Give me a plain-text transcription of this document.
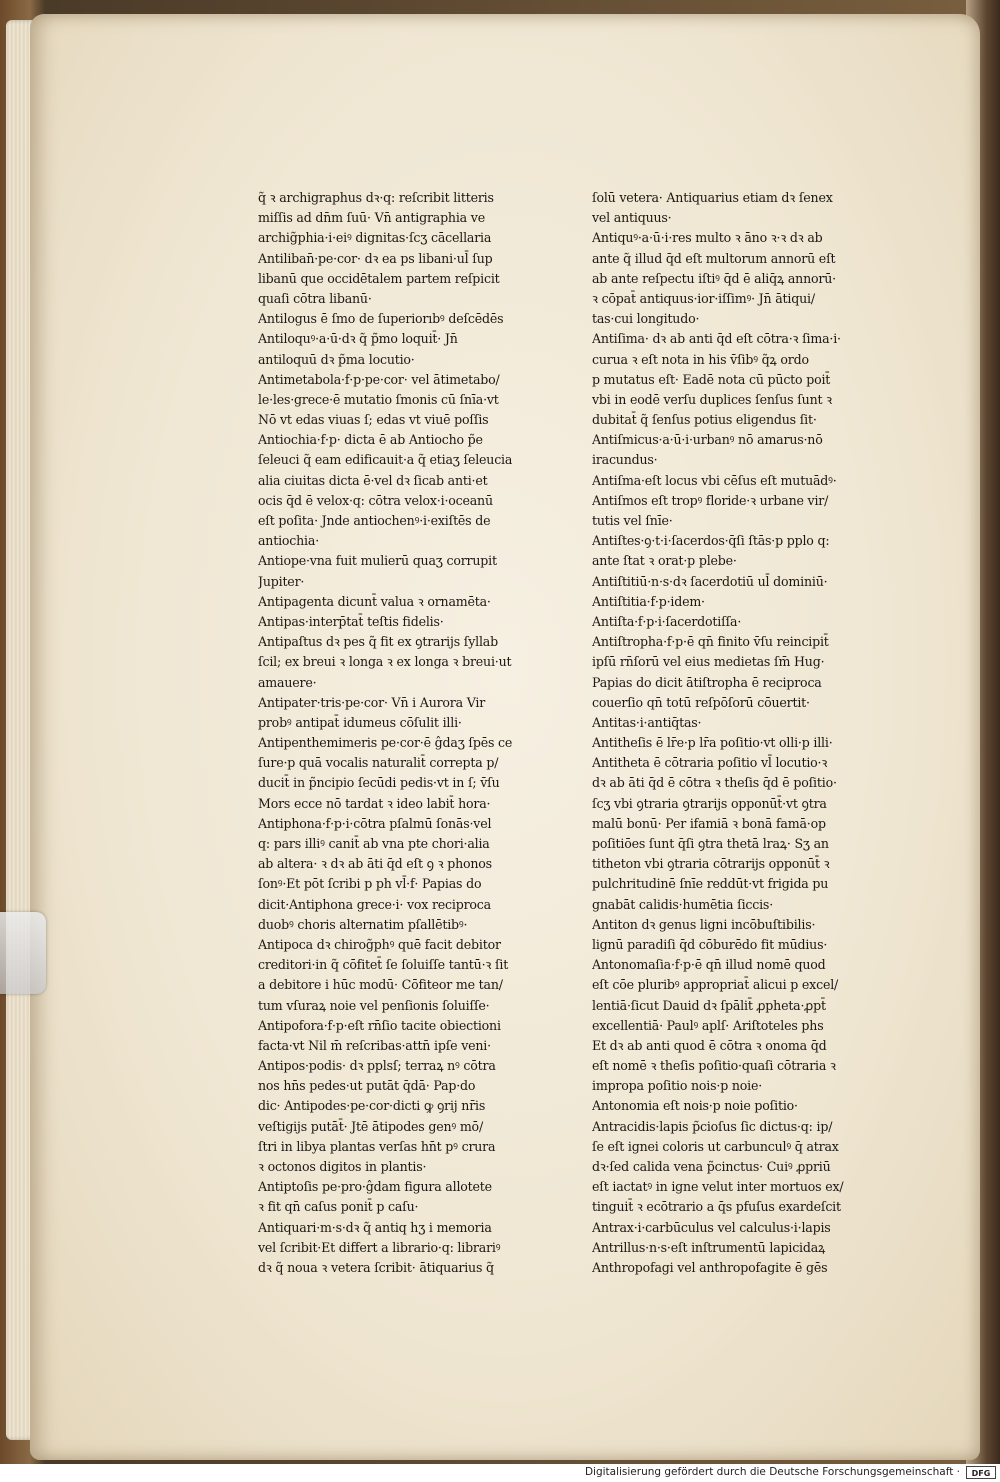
q̃ ꝛ archigraphus dꝛ·q: reſcribit litteris
miſſis ad dn̄m ſuū· Vn̄ antigraphia ve
archig̃phia·i·eiꝰ dignitas·ſcʒ cācellaria
Antiliban̄·pe·cor· dꝛ ea ps libani·ul̄ ſup
libanū que occidētalem partem reſpicit
quaſi cōtra libanū·
Antilogus ē ſmo de ſuperiorıbꝰ deſcēdēs
Antiloquꝰ·a·ū·dꝛ q̃ p̃mo loquit̄· Jn̄
antiloquū dꝛ p̃ma locutio·
Antimetabola·f·p·pe·cor· vel ātimetabo/
le·les·grece·ē mutatio ſmonis cū ſnīa·vt
Nō vt edas viuas ſ; edas vt viuē poſſis
Antiochia·f·p· dicta ē ab Antiocho p̃e
ſeleuci q̃ eam edificauit·a q̃ etiaʒ ſeleucia
alia ciuitas dicta ē·vel dꝛ ſicab anti·et
ocis q̄d ē velox·q: cōtra velox·i·oceanū
eſt poſita· Jnde antiochenꝰ·i·exiſtēs de
antiochia·
Antiope·vna fuit mulierū quaʒ corrupit
Jupiter·
Antipagenta dicunt̄ valua ꝛ ornamēta·
Antipas·interp̄tat̄ teſtis fidelis·
Antipaſtus dꝛ pes q̃ fit ex ꝯtrarijs ſyllab
ſcil; ex breui ꝛ longa ꝛ ex longa ꝛ breui·ut
amauere·
Antipater·tris·pe·cor· Vn̄ i Aurora Vir
probꝰ antipat̄ idumeus cōſulit illi·
Antipenthemimeris pe·cor·ē ĝdaʒ ſpēs ce
ſure·p quā vocalis naturalit̄ correpta p/
ducit̄ in p̃ncipio ſecūdi pedis·vt in ſ; v̄ſu
Mors ecce nō tardat ꝛ ideo labit̄ hora·
Antiphona·f·p·i·cōtra pſalmū ſonās·vel
q: pars illiꝰ canit̄ ab vna pte chori·alia
ab altera· ꝛ dꝛ ab āti q̄d eſt ꝯ ꝛ phonos
ſonꝰ·Et pōt ſcribi p ph vl̄·f· Papias do
dicit·Antiphona grece·i· vox reciproca
duobꝰ choris alternatim pſallētibꝰ·
Antipoca dꝛ chirog̃phꝰ quē facit debitor
creditori·in q̃ cōfitet̄ ſe ſoluiſſe tantū·ꝛ ſit
a debitore i hūc modū· Cōfiteor me tan/
tum vſuraꝝ noie vel penſionis ſoluiſſe·
Antipofora·f·p·eſt rn̄ſio tacite obiectioni
facta·vt Nil m̄ reſcribas·attn̄ ipſe veni·
Antipos·podis· dꝛ pplsſ; terraꝝ nꝰ cōtra
nos hn̄s pedes·ut putāt q̄dā· Pap·do
dic· Antipodes·pe·cor·dicti ꝙ ꝯrij nr̄is
veſtigijs putāt̄· Jtē ātipodes genꝰ mō/
ſtri in libya plantas verſas hn̄t pꝰ crura
ꝛ octonos digitos in plantis·
Antiptoſis pe·pro·ĝdam figura allotete
ꝛ fit qn̄ caſus ponit̄ p caſu·
Antiquari·m·s·dꝛ q̃ antiq hʒ i memoria
vel ſcribit·Et differt a librario·q: librariꝰ
dꝛ q̃ noua ꝛ vetera ſcribit· ātiquarius q̃
ſolū vetera· Antiquarius etiam dꝛ ſenex
vel antiquus·
Antiquꝰ·a·ū·i·res multo ꝛ āno ꝛ·ꝛ dꝛ ab
ante q̃ illud q̄d eſt multorum annorū eſt
ab ante reſpectu iſtiꝰ q̄d ē aliq̄ꝝ annorū·
ꝛ cōpat̄ antiquus·ior·iſſimꝰ· Jn̄ ātiqui/
tas·cui longitudo·
Antiſima· dꝛ ab anti q̄d eſt cōtra·ꝛ ſima·i·
curua ꝛ eſt nota in his v̄ſibꝰ q̃ꝝ ordo
p mutatus eſt· Eadē nota cū pūcto poit̄
vbi in eodē verſu duplices ſenſus ſunt ꝛ
dubitat̄ q̃ ſenſus potius eligendus ſit·
Antiſmicus·a·ū·i·urbanꝰ nō amarus·nō
iracundus·
Antiſma·eſt locus vbi cēſus eſt mutuādꝰ·
Antiſmos eſt tropꝰ floride·ꝛ urbane vir/
tutis vel ſnīe·
Antiſtes·ꝯ·t·i·ſacerdos·q̄ſi ſtās·p pplo q:
ante ſtat ꝛ orat·p plebe·
Antiſtitiū·n·s·dꝛ ſacerdotiū ul̄ dominiū·
Antiſtitia·f·p·idem·
Antiſta·f·p·i·ſacerdotiſſa·
Antiſtropha·f·p·ē qn̄ finito v̄ſu reincipit̄
ipſū rn̄ſorū vel eius medietas ſm̄ Hug·
Papias do dicit ātiſtropha ē reciproca
couerſio qn̄ totū reſpōſorū cōuertit·
Antitas·i·antiq̄tas·
Antitheſis ē lr̄e·p lr̄a poſitio·vt olli·p illi·
Antitheta ē cōtraria poſitio vl̄ locutio·ꝛ
dꝛ ab āti q̄d ē cōtra ꝛ theſis q̄d ē poſitio·
ſcʒ vbi ꝯtraria ꝯtrarijs opponūt̄·vt ꝯtra
malū bonū· Per ifamiā ꝛ bonā famā·op
poſitiōes ſunt q̄ſi ꝯtra thetā lraꝝ· Sʒ an
titheton vbi ꝯtraria cōtrarijs opponūt̄ ꝛ
pulchritudinē ſnīe reddūt·vt frigida pu
gnabāt calidis·humētia ſiccis·
Antiton dꝛ genus ligni incōbuſtibilis·
lignū paradiſi q̄d cōburēdo fit mūdius·
Antonomaſia·f·p·ē qn̄ illud nomē quod
eſt cōe pluribꝰ appropriat̄ alicui p excel/
lentiā·ſicut Dauid dꝛ ſpālit̄ ꝓpheta·ꝓpt̄
excellentiā· Paulꝰ aplſ· Ariſtoteles phs
Et dꝛ ab anti quod ē cōtra ꝛ onoma q̄d
eſt nomē ꝛ theſis poſitio·quaſi cōtraria ꝛ
impropa poſitio nois·p noie·
Antonomia eſt nois·p noie poſitio·
Antracidis·lapis p̃cioſus ſic dictus·q: ip/
ſe eſt ignei coloris ut carbunculꝰ q̄ atrax
dꝛ·ſed calida vena p̃cinctus· Cuiꝰ ꝓpriū
eſt iactatꝰ in igne velut inter mortuos ex/
tinguit̄ ꝛ ecōtrario a q̄s pfuſus exardeſcit
Antrax·i·carbūculus vel calculus·i·lapis
Antrillus·n·s·eſt inſtrumentū lapicidaꝝ
Anthropofagi vel anthropofagite ē gēs
Digitalisierung gefördert durch die Deutsche Forschungsgemeinschaft ·	DFG
